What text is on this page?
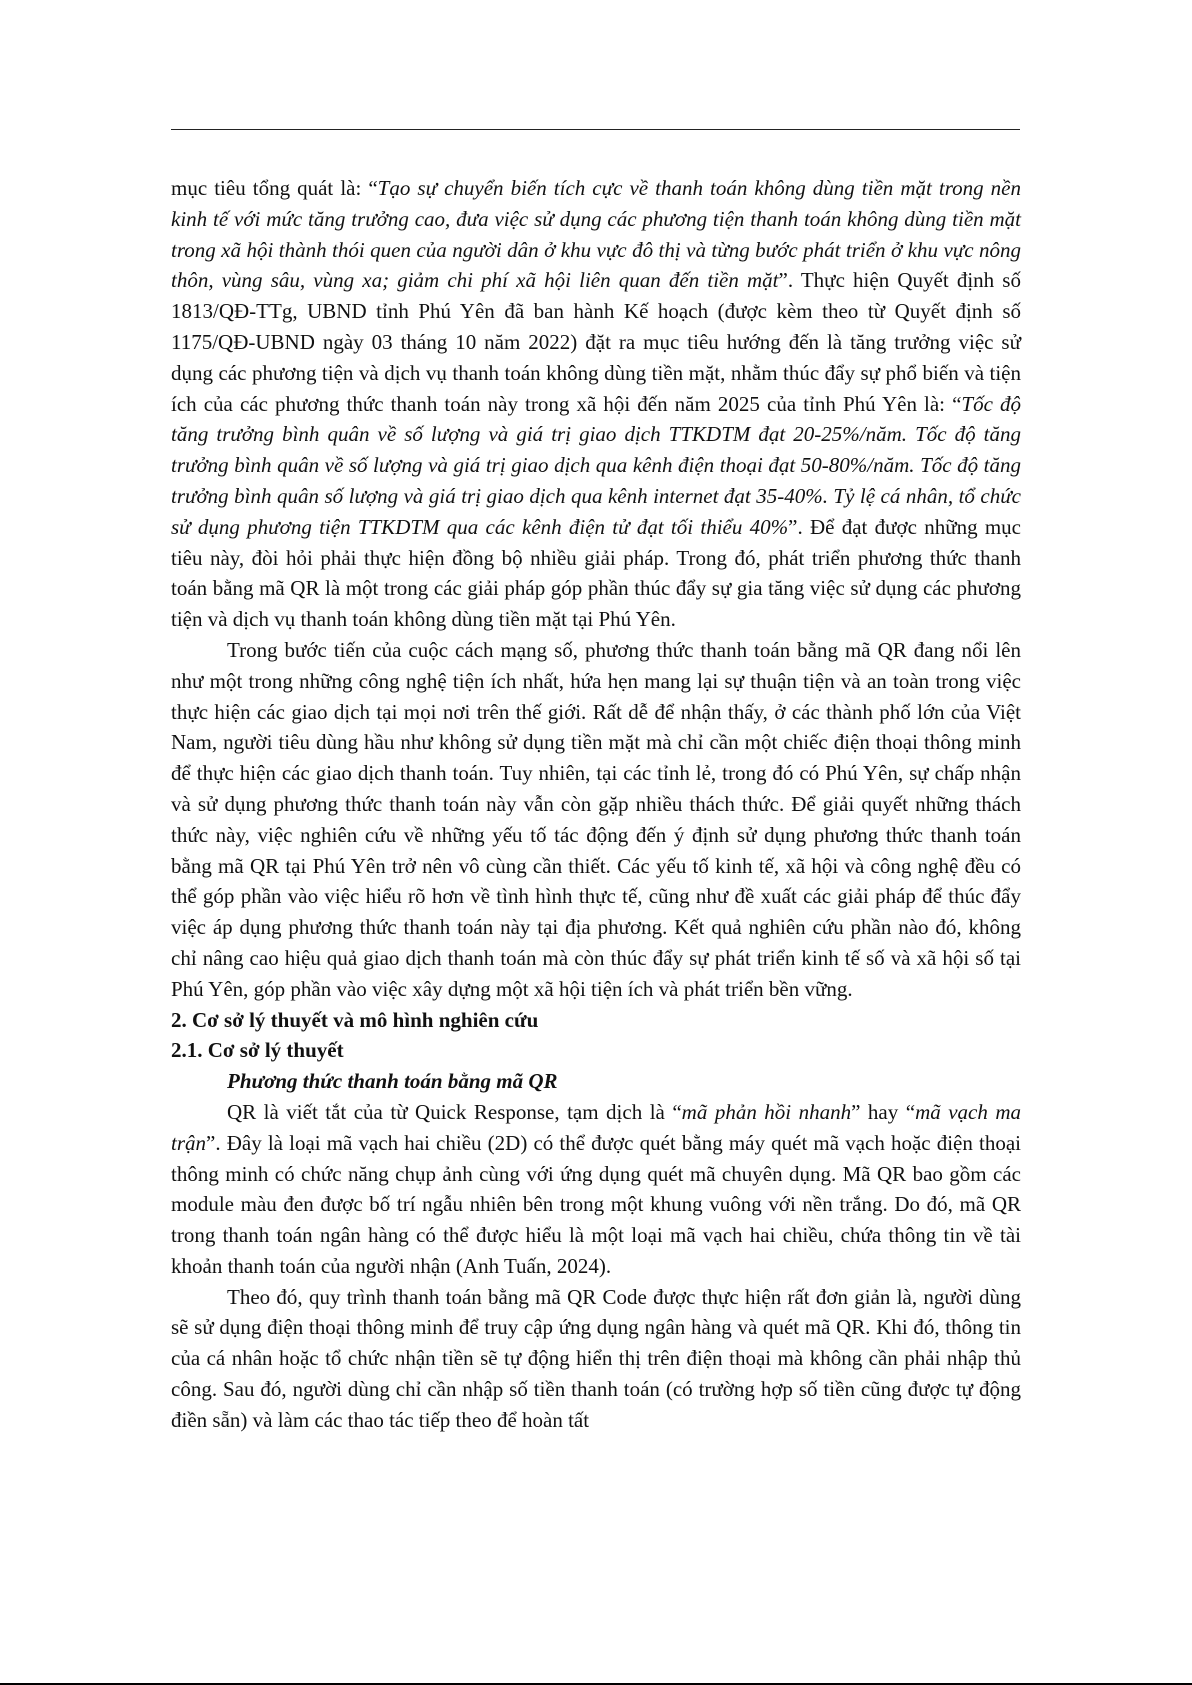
mục tiêu tổng quát là: “Tạo sự chuyển biến tích cực về thanh toán không dùng tiền mặt trong nền kinh tế với mức tăng trưởng cao, đưa việc sử dụng các phương tiện thanh toán không dùng tiền mặt trong xã hội thành thói quen của người dân ở khu vực đô thị và từng bước phát triển ở khu vực nông thôn, vùng sâu, vùng xa; giảm chi phí xã hội liên quan đến tiền mặt”. Thực hiện Quyết định số 1813/QĐ-TTg, UBND tỉnh Phú Yên đã ban hành Kế hoạch (được kèm theo từ Quyết định số 1175/QĐ-UBND ngày 03 tháng 10 năm 2022) đặt ra mục tiêu hướng đến là tăng trưởng việc sử dụng các phương tiện và dịch vụ thanh toán không dùng tiền mặt, nhằm thúc đẩy sự phổ biến và tiện ích của các phương thức thanh toán này trong xã hội đến năm 2025 của tỉnh Phú Yên là: “Tốc độ tăng trưởng bình quân về số lượng và giá trị giao dịch TTKDTM đạt 20-25%/năm. Tốc độ tăng trưởng bình quân về số lượng và giá trị giao dịch qua kênh điện thoại đạt 50-80%/năm. Tốc độ tăng trưởng bình quân số lượng và giá trị giao dịch qua kênh internet đạt 35-40%. Tỷ lệ cá nhân, tổ chức sử dụng phương tiện TTKDTM qua các kênh điện tử đạt tối thiểu 40%”. Để đạt được những mục tiêu này, đòi hỏi phải thực hiện đồng bộ nhiều giải pháp. Trong đó, phát triển phương thức thanh toán bằng mã QR là một trong các giải pháp góp phần thúc đẩy sự gia tăng việc sử dụng các phương tiện và dịch vụ thanh toán không dùng tiền mặt tại Phú Yên.

Trong bước tiến của cuộc cách mạng số, phương thức thanh toán bằng mã QR đang nổi lên như một trong những công nghệ tiện ích nhất, hứa hẹn mang lại sự thuận tiện và an toàn trong việc thực hiện các giao dịch tại mọi nơi trên thế giới. Rất dễ để nhận thấy, ở các thành phố lớn của Việt Nam, người tiêu dùng hầu như không sử dụng tiền mặt mà chỉ cần một chiếc điện thoại thông minh để thực hiện các giao dịch thanh toán. Tuy nhiên, tại các tỉnh lẻ, trong đó có Phú Yên, sự chấp nhận và sử dụng phương thức thanh toán này vẫn còn gặp nhiều thách thức. Để giải quyết những thách thức này, việc nghiên cứu về những yếu tố tác động đến ý định sử dụng phương thức thanh toán bằng mã QR tại Phú Yên trở nên vô cùng cần thiết. Các yếu tố kinh tế, xã hội và công nghệ đều có thể góp phần vào việc hiểu rõ hơn về tình hình thực tế, cũng như đề xuất các giải pháp để thúc đẩy việc áp dụng phương thức thanh toán này tại địa phương. Kết quả nghiên cứu phần nào đó, không chỉ nâng cao hiệu quả giao dịch thanh toán mà còn thúc đẩy sự phát triển kinh tế số và xã hội số tại Phú Yên, góp phần vào việc xây dựng một xã hội tiện ích và phát triển bền vững.

2. Cơ sở lý thuyết và mô hình nghiên cứu

2.1. Cơ sở lý thuyết

Phương thức thanh toán bằng mã QR

QR là viết tắt của từ Quick Response, tạm dịch là “mã phản hồi nhanh” hay “mã vạch ma trận”. Đây là loại mã vạch hai chiều (2D) có thể được quét bằng máy quét mã vạch hoặc điện thoại thông minh có chức năng chụp ảnh cùng với ứng dụng quét mã chuyên dụng. Mã QR bao gồm các module màu đen được bố trí ngẫu nhiên bên trong một khung vuông với nền trắng. Do đó, mã QR trong thanh toán ngân hàng có thể được hiểu là một loại mã vạch hai chiều, chứa thông tin về tài khoản thanh toán của người nhận (Anh Tuấn, 2024).

Theo đó, quy trình thanh toán bằng mã QR Code được thực hiện rất đơn giản là, người dùng sẽ sử dụng điện thoại thông minh để truy cập ứng dụng ngân hàng và quét mã QR. Khi đó, thông tin của cá nhân hoặc tổ chức nhận tiền sẽ tự động hiển thị trên điện thoại mà không cần phải nhập thủ công. Sau đó, người dùng chỉ cần nhập số tiền thanh toán (có trường hợp số tiền cũng được tự động điền sẵn) và làm các thao tác tiếp theo để hoàn tất
